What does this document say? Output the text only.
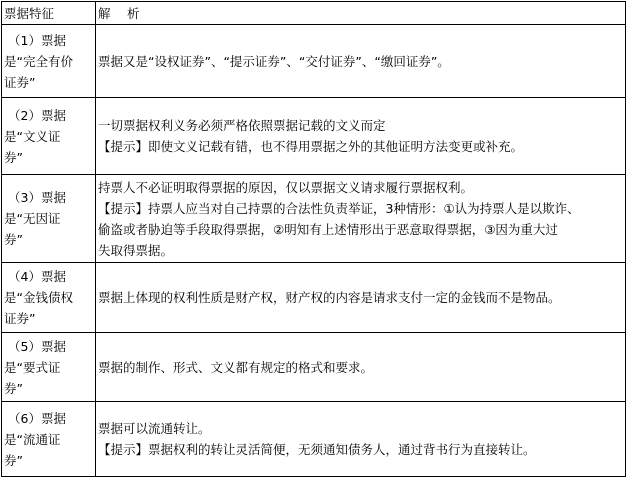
票据特征	解　析

（1）票据
是“完全有价
证券”	票据又是“设权证券”、“提示证券”、“交付证券”、“缴回证券”。

（2）票据
是“文义证
券”	一切票据权利义务必须严格依照票据记载的文义而定
【提示】即使文义记载有错，也不得用票据之外的其他证明方法变更或补充。

（3）票据
是“无因证
券”	持票人不必证明取得票据的原因，仅以票据文义请求履行票据权利。
【提示】持票人应当对自己持票的合法性负责举证，3种情形：①认为持票人是以欺诈、
偷盗或者胁迫等手段取得票据，②明知有上述情形出于恶意取得票据，③因为重大过
失取得票据。

（4）票据
是“金钱债权
证券”	票据上体现的权利性质是财产权，财产权的内容是请求支付一定的金钱而不是物品。

（5）票据
是“要式证
券”	票据的制作、形式、文义都有规定的格式和要求。

（6）票据
是“流通证
券”	票据可以流通转让。
【提示】票据权利的转让灵活简便，无须通知债务人，通过背书行为直接转让。
